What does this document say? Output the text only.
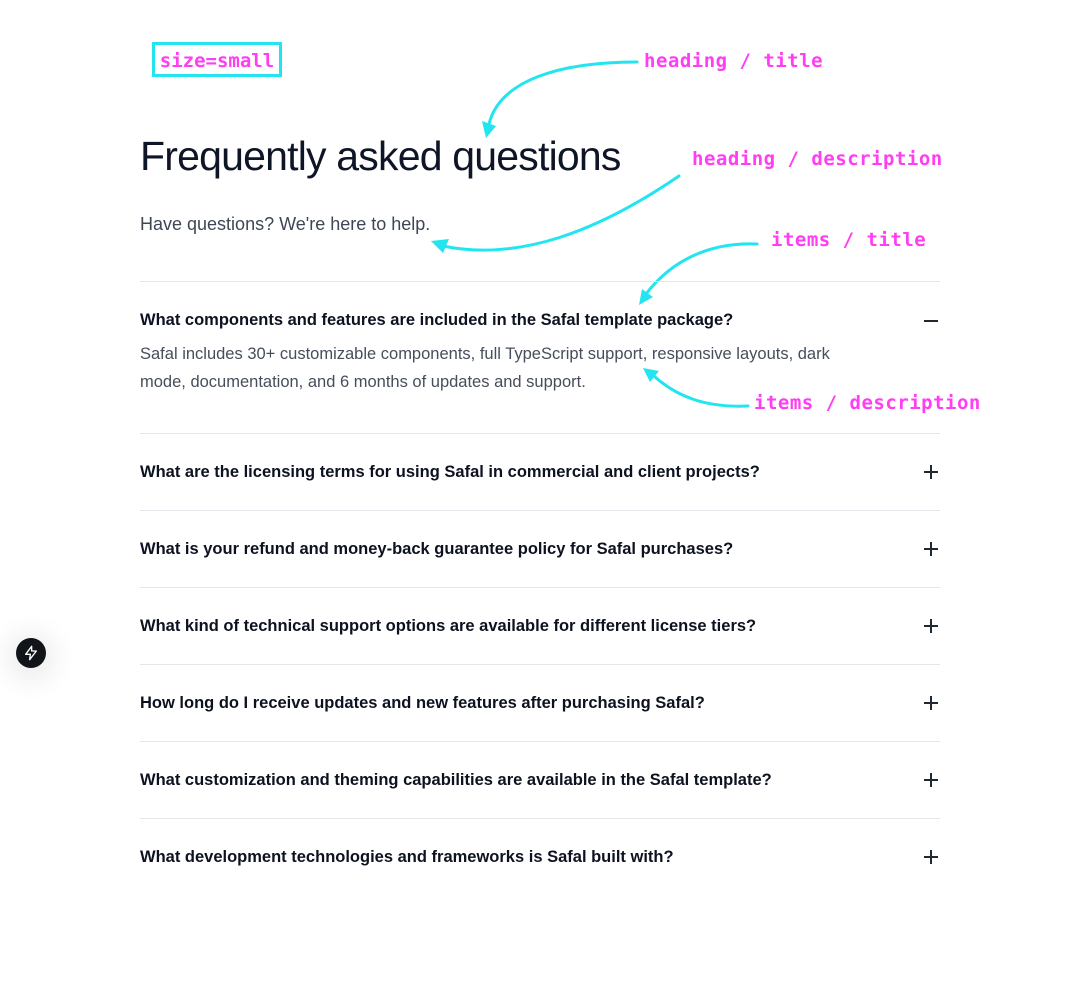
size=small	heading / title
heading / description
items / title
items / description
Frequently asked questions

Have questions? We're here to help.

What components and features are included in the Safal template package?

Safal includes 30+ customizable components, full TypeScript support, responsive layouts, dark mode, documentation, and 6 months of updates and support.

What are the licensing terms for using Safal in commercial and client projects?
What is your refund and money-back guarantee policy for Safal purchases?
What kind of technical support options are available for different license tiers?
How long do I receive updates and new features after purchasing Safal?
What customization and theming capabilities are available in the Safal template?
What development technologies and frameworks is Safal built with?
